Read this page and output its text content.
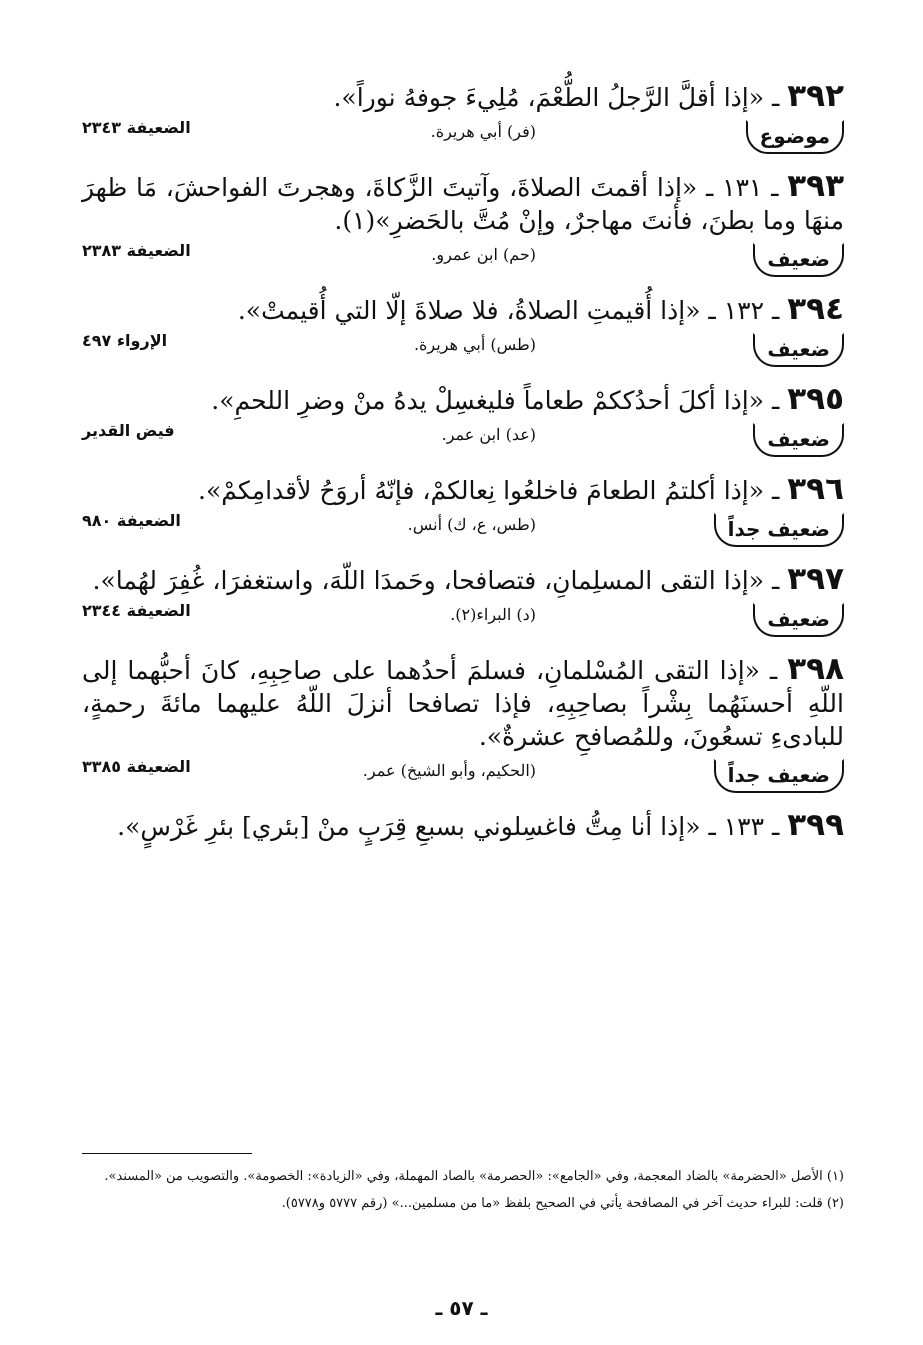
٣٩٢ ـ «إذا أقلَّ الرَّجلُ الطُّعْمَ، مُلِيءَ جوفهُ نوراً».

موضوع
(فر) أبي هريرة.
الضعيفة ٢٣٤٣

٣٩٣ ـ ١٣١ ـ «إذا أقمتَ الصلاةَ، وآتيتَ الزَّكاةَ، وهجرتَ الفواحشَ، مَا ظهرَ منهَا وما بطنَ، فأنتَ مهاجرٌ، وإنْ مُتَّ بالحَضرِ»(١).

ضعيف
(حم) ابن عمرو.
الضعيفة ٢٣٨٣

٣٩٤ ـ ١٣٢ ـ «إذا أُقيمتِ الصلاةُ، فلا صلاةَ إلّا التي أُقيمتْ».

ضعيف
(طس) أبي هريرة.
الإرواء ٤٩٧

٣٩٥ ـ «إذا أكلَ أحدُككمْ طعاماً فليغسِلْ يدهُ منْ وضرِ اللحمِ».

ضعيف
(عد) ابن عمر.
فيض القدير

٣٩٦ ـ «إذا أكلتمُ الطعامَ فاخلعُوا نِعالكمْ، فإنّهُ أروَحُ لأقدامِكمْ».

ضعيف جداً
(طس، ع، ك) أنس.
الضعيفة ٩٨٠

٣٩٧ ـ «إذا التقى المسلِمانِ، فتصافحا، وحَمدَا اللّهَ، واستغفرَا، غُفِرَ لهُما».

ضعيف
(د) البراء(٢).
الضعيفة ٢٣٤٤

٣٩٨ ـ «إذا التقى المُسْلمانِ، فسلمَ أحدُهما على صاحِبِهِ، كانَ أحبُّهما إلى اللّهِ أحسنَهُما بِشْراً بصاحِبِهِ، فإذا تصافحا أنزلَ اللّهُ عليهما مائةَ رحمةٍ، للبادىءِ تسعُونَ، وللمُصافحِ عشرةٌ».

ضعيف جداً
(الحكيم، وأبو الشيخ) عمر.
الضعيفة ٣٣٨٥

٣٩٩ ـ ١٣٣ ـ «إذا أنا مِتُّ فاغسِلوني بسبعِ قِرَبٍ منْ [بئري] بئرِ غَرْسٍ».

(١) الأصل «الحضرمة» بالضاد المعجمة، وفي «الجامع»: «الحصرمة» بالصاد المهملة، وفي «الزيادة»: الخصومة». والتصويب من «المسند».

(٢) قلت: للبراء حديث آخر في المصافحة يأتي في الصحيح بلفظ «ما من مسلمين...» (رقم ٥٧٧٧ و٥٧٧٨).

ـ ٥٧ ـ
